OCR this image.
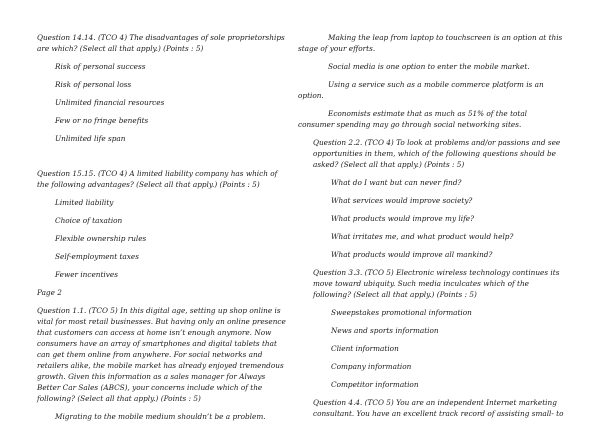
Question 14.14. (TCO 4) The disadvantages of sole proprietorships

are which? (Select all that apply.) (Points : 5)

Risk of personal success

Risk of personal loss

Unlimited financial resources

Few or no fringe benefits

Unlimited life span

Question 15.15. (TCO 4) A limited liability company has which of

the following advantages? (Select all that apply.) (Points : 5)

Limited liability

Choice of taxation

Flexible ownership rules

Self-employment taxes

Fewer incentives

Page 2

Question 1.1. (TCO 5) In this digital age, setting up shop online is

vital for most retail businesses. But having only an online presence

that customers can access at home isn’t enough anymore. Now

consumers have an array of smartphones and digital tablets that

can get them online from anywhere. For social networks and

retailers alike, the mobile market has already enjoyed tremendous

growth. Given this information as a sales manager for Always

Better Car Sales (ABCS), your concerns include which of the

following? (Select all that apply.) (Points : 5)

Migrating to the mobile medium shouldn’t be a problem.

Making the leap from laptop to touchscreen is an option at this
stage of your efforts.

Social media is one option to enter the mobile market.

Using a service such as a mobile commerce platform is an
option.

Economists estimate that as much as 51% of the total
consumer spending may go through social networking sites.

Question 2.2. (TCO 4) To look at problems and/or passions and see

opportunities in them, which of the following questions should be

asked? (Select all that apply.) (Points : 5)

What do I want but can never find?

What services would improve society?

What products would improve my life?

What irritates me, and what product would help?

What products would improve all mankind?

Question 3.3. (TCO 5) Electronic wireless technology continues its

move toward ubiquity. Such media inculcates which of the

following? (Select all that apply.) (Points : 5)

Sweepstakes promotional information

News and sports information

Client information

Company information

Competitor information

Question 4.4. (TCO 5) You are an independent Internet marketing

consultant. You have an excellent track record of assisting small- to
